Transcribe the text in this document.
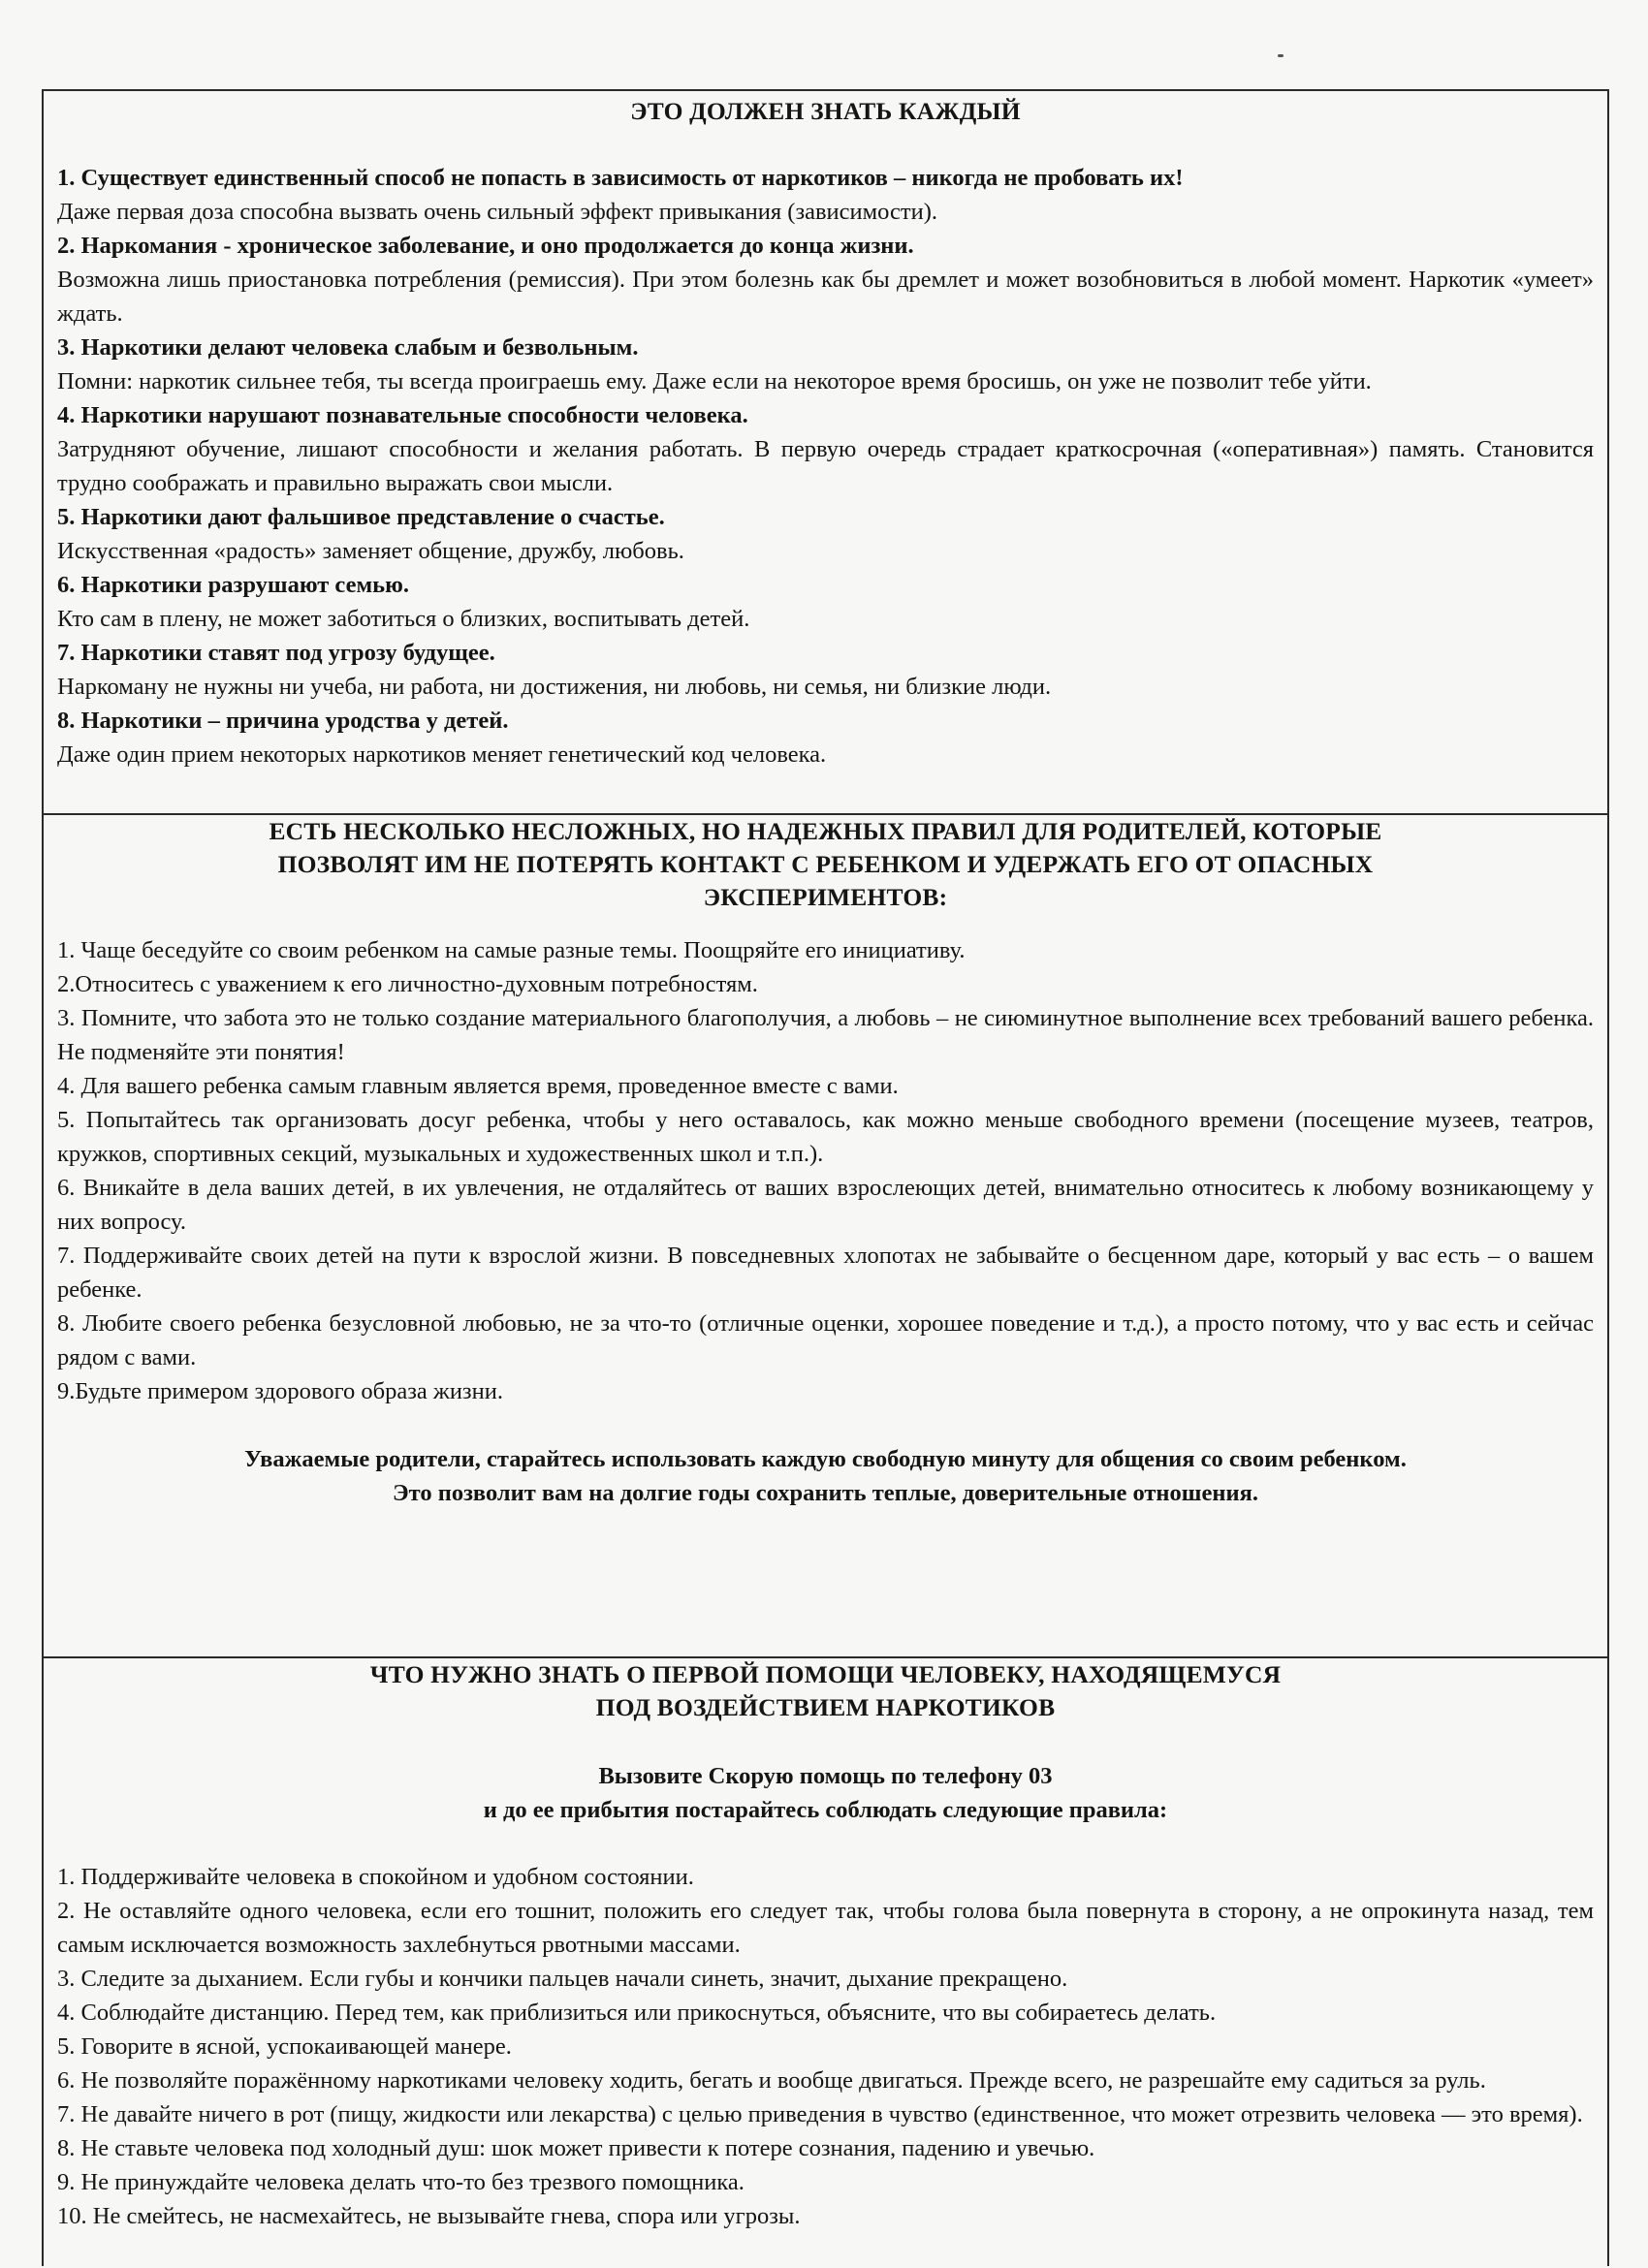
ЭТО ДОЛЖЕН ЗНАТЬ КАЖДЫЙ

1. Существует единственный способ не попасть в зависимость от наркотиков – никогда не пробовать их!

Даже первая доза способна вызвать очень сильный эффект привыкания (зависимости).

2. Наркомания - хроническое заболевание, и оно продолжается до конца жизни.

Возможна лишь приостановка потребления (ремиссия). При этом болезнь как бы дремлет и может возобновиться в любой момент. Наркотик «умеет» ждать.

3. Наркотики делают человека слабым и безвольным.

Помни: наркотик сильнее тебя, ты всегда проиграешь ему. Даже если на некоторое время бросишь, он уже не позволит тебе уйти.

4. Наркотики нарушают познавательные способности человека.

Затрудняют обучение, лишают способности и желания работать. В первую очередь страдает краткосрочная («оперативная») память. Становится трудно соображать и правильно выражать свои мысли.

5. Наркотики дают фальшивое представление о счастье.

Искусственная «радость» заменяет общение, дружбу, любовь.

6. Наркотики разрушают семью.

Кто сам в плену, не может заботиться о близких, воспитывать детей.

7. Наркотики ставят под угрозу будущее.

Наркоману не нужны ни учеба, ни работа, ни достижения, ни любовь, ни семья, ни близкие люди.

8. Наркотики – причина уродства у детей.

Даже один прием некоторых наркотиков меняет генетический код человека.

ЕСТЬ НЕСКОЛЬКО НЕСЛОЖНЫХ, НО НАДЕЖНЫХ ПРАВИЛ ДЛЯ РОДИТЕЛЕЙ, КОТОРЫЕ
ПОЗВОЛЯТ ИМ НЕ ПОТЕРЯТЬ КОНТАКТ С РЕБЕНКОМ И УДЕРЖАТЬ ЕГО ОТ ОПАСНЫХ
ЭКСПЕРИМЕНТОВ:

1. Чаще беседуйте со своим ребенком на самые разные темы. Поощряйте его инициативу.

2.Относитесь с уважением к его личностно-духовным потребностям.

3. Помните, что забота это не только создание материального благополучия, а любовь – не сиюминутное выполнение всех требований вашего ребенка. Не подменяйте эти понятия!

4. Для вашего ребенка самым главным является время, проведенное вместе с вами.

5. Попытайтесь так организовать досуг ребенка, чтобы у него оставалось, как можно меньше свободного времени (посещение музеев, театров, кружков, спортивных секций, музыкальных и художественных школ и т.п.).

6. Вникайте в дела ваших детей, в их увлечения, не отдаляйтесь от ваших взрослеющих детей, внимательно относитесь к любому возникающему у них вопросу.

7. Поддерживайте своих детей на пути к взрослой жизни. В повседневных хлопотах не забывайте о бесценном даре, который у вас есть – о вашем ребенке.

8. Любите своего ребенка безусловной любовью, не за что-то (отличные оценки, хорошее поведение и т.д.), а просто потому, что у вас есть и сейчас рядом с вами.

9.Будьте примером здорового образа жизни.

Уважаемые родители, старайтесь использовать каждую свободную минуту для общения со своим ребенком.

Это позволит вам на долгие годы сохранить теплые, доверительные отношения.

ЧТО НУЖНО ЗНАТЬ О ПЕРВОЙ ПОМОЩИ ЧЕЛОВЕКУ, НАХОДЯЩЕМУСЯ
ПОД ВОЗДЕЙСТВИЕМ НАРКОТИКОВ

Вызовите Скорую помощь по телефону 03

и до ее прибытия постарайтесь соблюдать следующие правила:

1. Поддерживайте человека в спокойном и удобном состоянии.

2. Не оставляйте одного человека, если его тошнит, положить его следует так, чтобы голова была повернута в сторону, а не опрокинута назад, тем самым исключается возможность захлебнуться рвотными массами.

3. Следите за дыханием. Если губы и кончики пальцев начали синеть, значит, дыхание прекращено.

4. Соблюдайте дистанцию. Перед тем, как приблизиться или прикоснуться, объясните, что вы собираетесь делать.

5. Говорите в ясной, успокаивающей манере.

6. Не позволяйте поражённому наркотиками человеку ходить, бегать и вообще двигаться. Прежде всего, не разрешайте ему садиться за руль.

7. Не давайте ничего в рот (пищу, жидкости или лекарства) с целью приведения в чувство (единственное, что может отрезвить человека — это время).

8. Не ставьте человека под холодный душ: шок может привести к потере сознания, падению и увечью.

9. Не принуждайте человека делать что-то без трезвого помощника.

10. Не смейтесь, не насмехайтесь, не вызывайте гнева, спора или угрозы.
